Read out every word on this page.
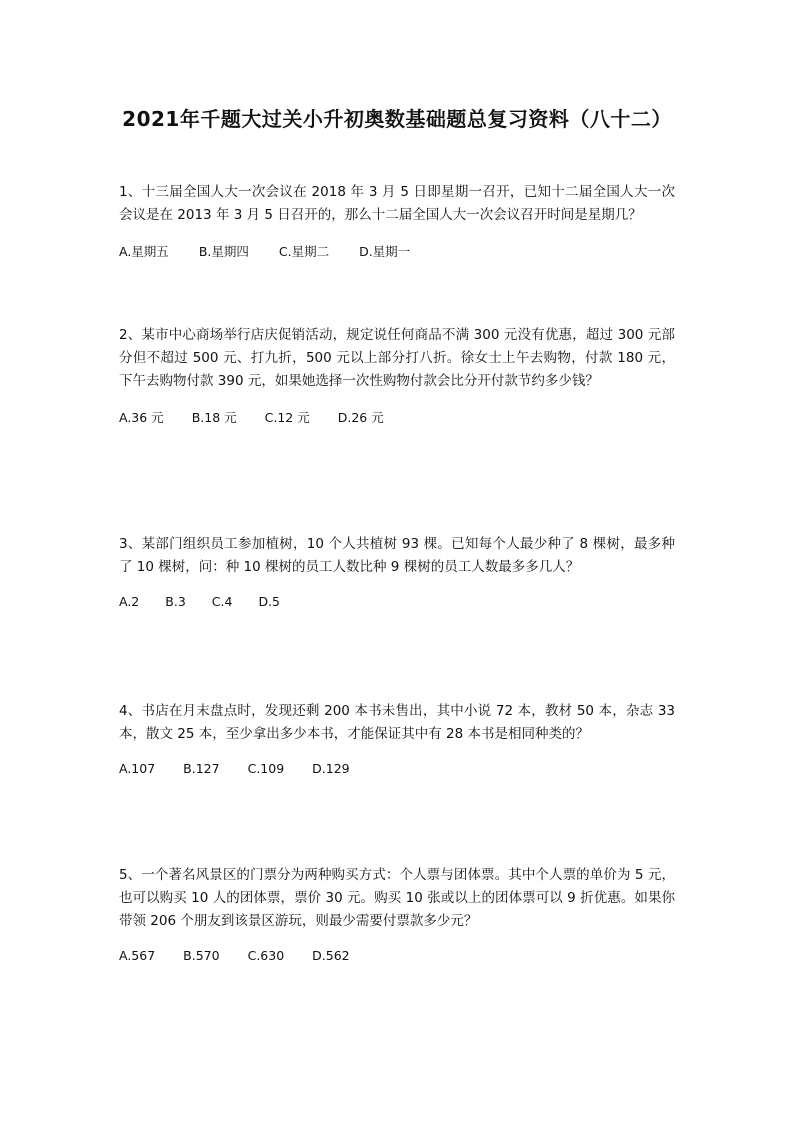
2021年千题大过关小升初奥数基础题总复习资料（八十二）

1、十三届全国人大一次会议在 2018 年 3 月 5 日即星期一召开，已知十二届全国人大一次会议是在 2013 年 3 月 5 日召开的，那么十二届全国人大一次会议召开时间是星期几？

A.星期五 B.星期四 C.星期二 D.星期一

2、某市中心商场举行店庆促销活动，规定说任何商品不满 300 元没有优惠，超过 300 元部分但不超过 500 元、打九折，500 元以上部分打八折。徐女士上午去购物，付款 180 元，下午去购物付款 390 元，如果她选择一次性购物付款会比分开付款节约多少钱？

A.36 元 B.18 元 C.12 元 D.26 元

3、某部门组织员工参加植树，10 个人共植树 93 棵。已知每个人最少种了 8 棵树，最多种了 10 棵树，问：种 10 棵树的员工人数比种 9 棵树的员工人数最多多几人？

A.2 B.3 C.4 D.5

4、书店在月末盘点时，发现还剩 200 本书未售出，其中小说 72 本，教材 50 本，杂志 33 本，散文 25 本，至少拿出多少本书，才能保证其中有 28 本书是相同种类的？

A.107 B.127 C.109 D.129

5、一个著名风景区的门票分为两种购买方式：个人票与团体票。其中个人票的单价为 5 元，也可以购买 10 人的团体票，票价 30 元。购买 10 张或以上的团体票可以 9 折优惠。如果你带领 206 个朋友到该景区游玩，则最少需要付票款多少元？

A.567 B.570 C.630 D.562
